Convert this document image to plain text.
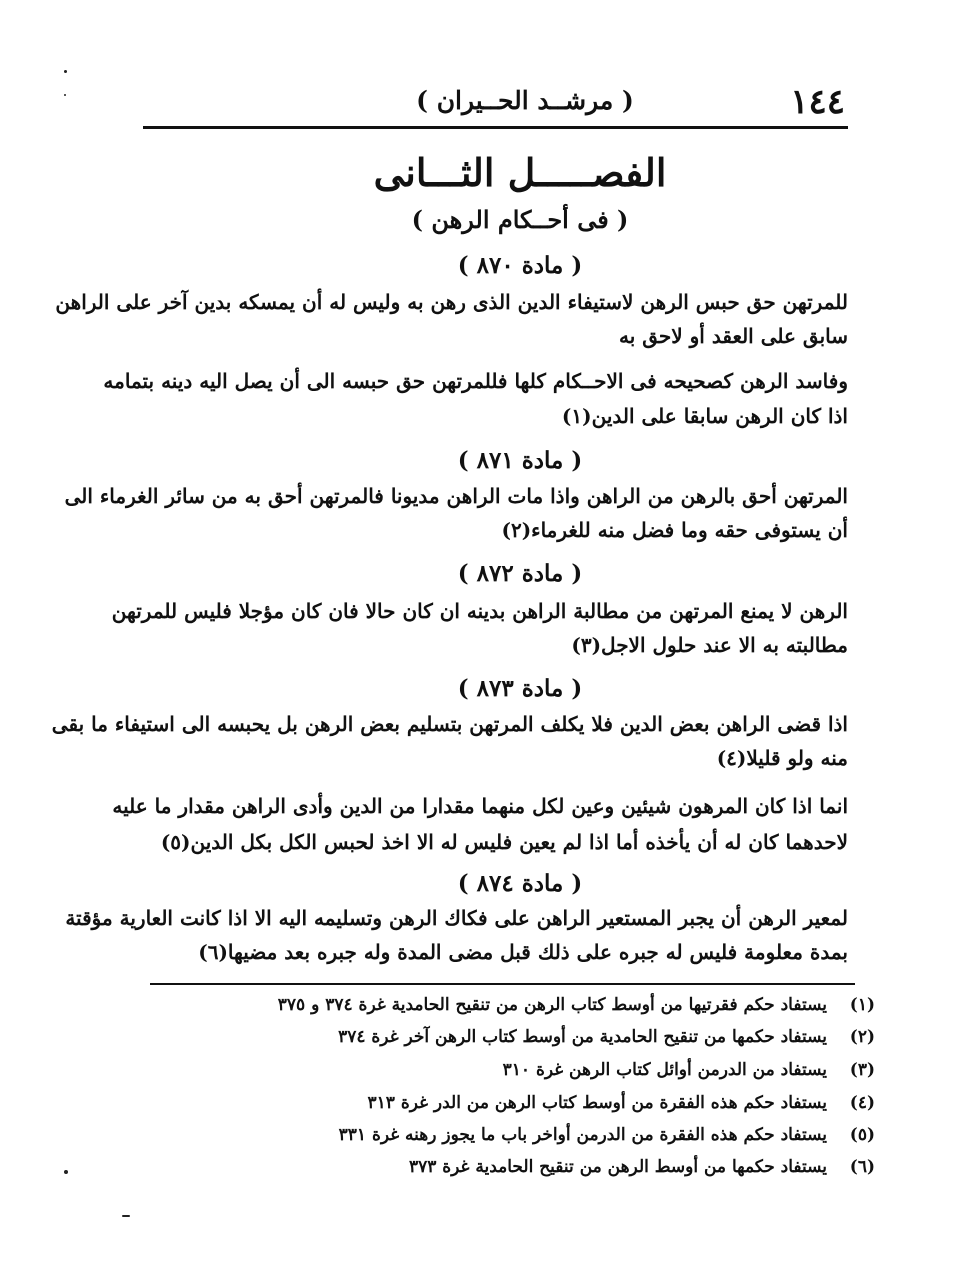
١٤٤
( مرشــد الحــيران )
الفصـــــل الثـــانى
( فى أحــكام الرهن )
( مادة ٨٧٠ )
للمرتهن حق حبس الرهن لاستيفاء الدين الذى رهن به وليس له أن يمسكه بدين آخر على الراهن
سابق على العقد أو لاحق به
وفاسد الرهن كصحيحه فى الاحــكام كلها فللمرتهن حق حبسه الى أن يصل اليه دينه بتمامه
اذا كان الرهن سابقا على الدين(١)
( مادة ٨٧١ )
المرتهن أحق بالرهن من الراهن واذا مات الراهن مديونا فالمرتهن أحق به من سائر الغرماء الى
أن يستوفى حقه وما فضل منه للغرماء(٢)
( مادة ٨٧٢ )
الرهن لا يمنع المرتهن من مطالبة الراهن بدينه ان كان حالا فان كان مؤجلا فليس للمرتهن
مطالبته به الا عند حلول الاجل(٣)
( مادة ٨٧٣ )
اذا قضى الراهن بعض الدين فلا يكلف المرتهن بتسليم بعض الرهن بل يحبسه الى استيفاء ما بقى
منه ولو قليلا(٤)
انما اذا كان المرهون شيئين وعين لكل منهما مقدارا من الدين وأدى الراهن مقدار ما عليه
لاحدهما كان له أن يأخذه أما اذا لم يعين فليس له الا اخذ لحبس الكل بكل الدين(٥)
( مادة ٨٧٤ )
لمعير الرهن أن يجبر المستعير الراهن على فكاك الرهن وتسليمه اليه الا اذا كانت العارية مؤقتة
بمدة معلومة فليس له جبره على ذلك قبل مضى المدة وله جبره بعد مضيها(٦)
(١)
يستفاد حكم فقرتيها من أوسط كتاب الرهن من تنقيح الحامدية غرة ٣٧٤ و ٣٧٥
(٢)
يستفاد حكمها من تنقيح الحامدية من أوسط كتاب الرهن آخر غرة ٣٧٤
(٣)
يستفاد من الدرمن أوائل كتاب الرهن غرة ٣١٠
(٤)
يستفاد حكم هذه الفقرة من أوسط كتاب الرهن من الدر غرة ٣١٣
(٥)
يستفاد حكم هذه الفقرة من الدرمن أواخر باب ما يجوز رهنه غرة ٣٣١
(٦)
يستفاد حكمها من أوسط الرهن من تنقيح الحامدية غرة ٣٧٣
